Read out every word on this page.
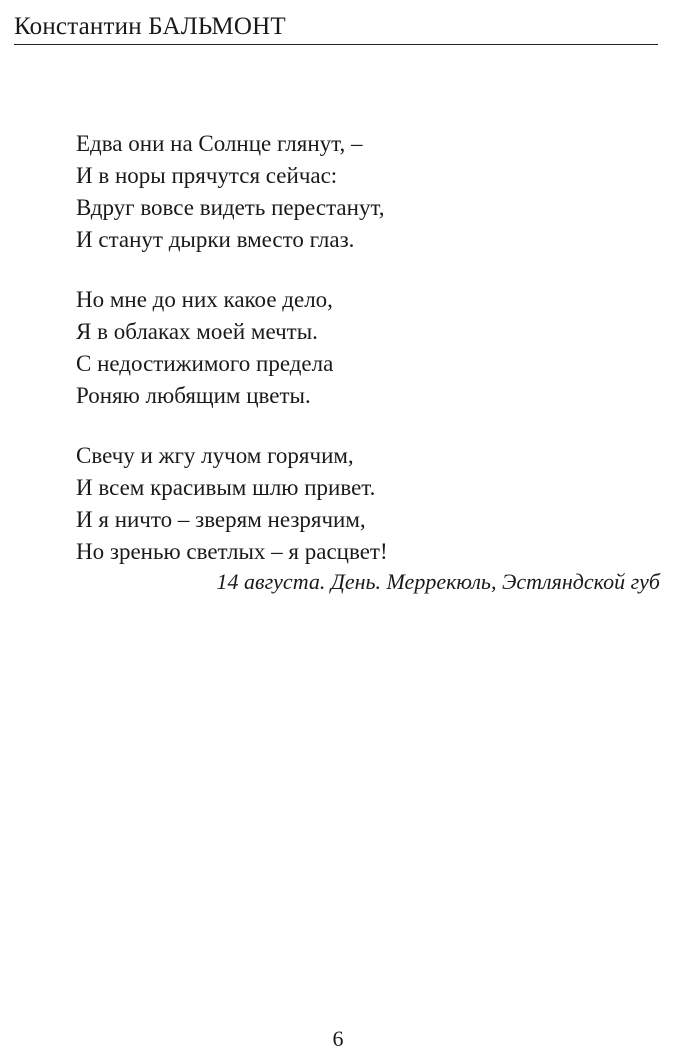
Константин БАЛЬМОНТ
Едва они на Солнце глянут, –
И в норы прячутся сейчас:
Вдруг вовсе видеть перестанут,
И станут дырки вместо глаз.
Но мне до них какое дело,
Я в облаках моей мечты.
С недостижимого предела
Роняю любящим цветы.
Свечу и жгу лучом горячим,
И всем красивым шлю привет.
И я ничто – зверям незрячим,
Но зренью светлых – я расцвет!
14 августа. День. Меррекюль, Эстляндской губ
6
